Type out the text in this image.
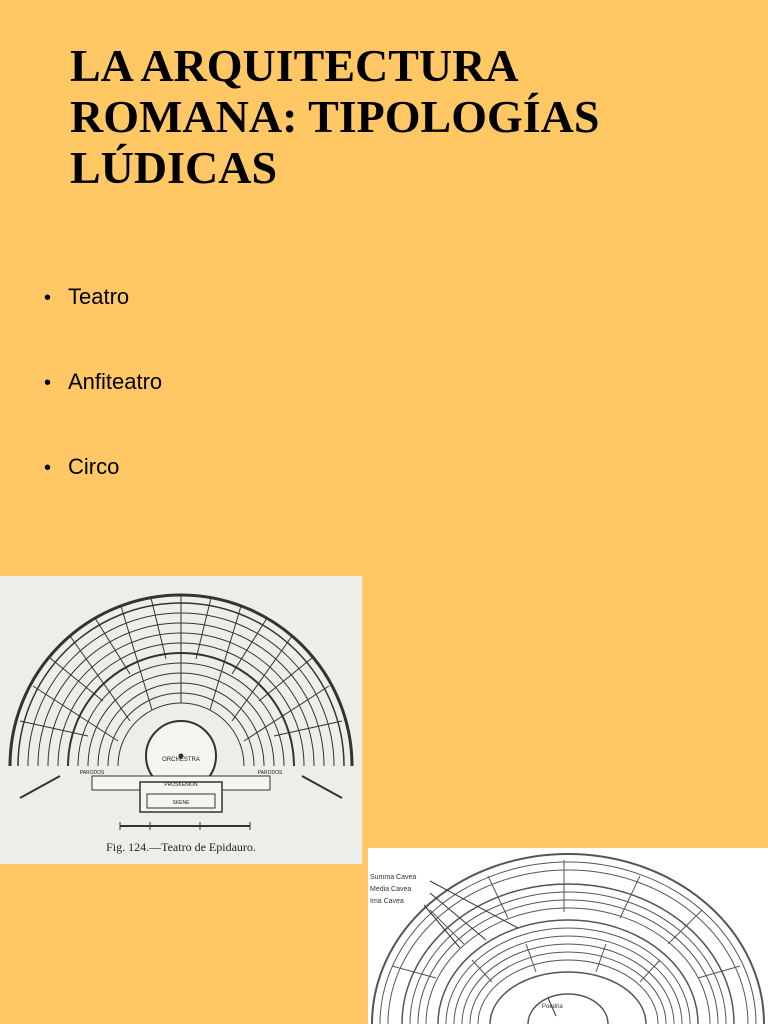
LA ARQUITECTURA
ROMANA: TIPOLOGÍAS
LÚDICAS
• Teatro
• Anfiteatro
• Circo
ORCHESTRA
PROSKENION
SKENE
PARODOS	PARODOS
Fig. 124.—Teatro de Epidauro.
Summa Cavea
Media Cavea
Ima Cavea
Poedria
